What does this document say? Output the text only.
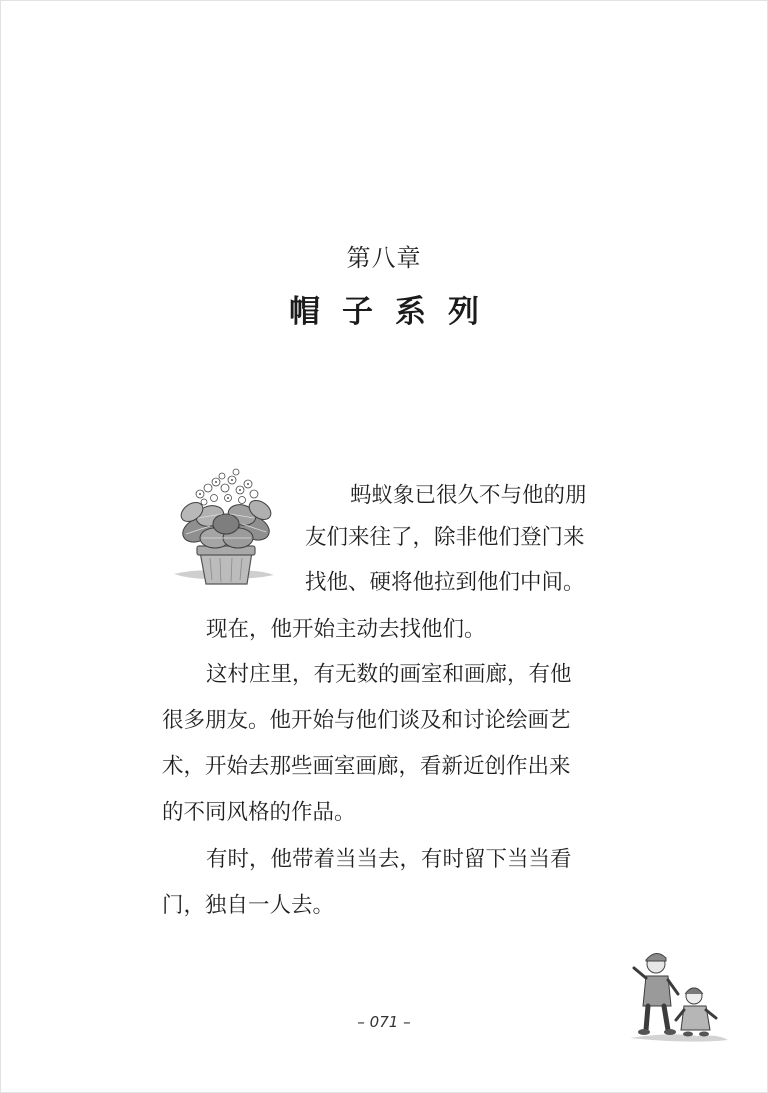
第八章
帽子系列
蚂蚁象已很久不与他的朋
友们来往了，除非他们登门来
找他、硬将他拉到他们中间。
现在，他开始主动去找他们。
这村庄里，有无数的画室和画廊，有他
很多朋友。他开始与他们谈及和讨论绘画艺
术，开始去那些画室画廊，看新近创作出来
的不同风格的作品。
有时，他带着当当去，有时留下当当看
门，独自一人去。
– 071 –
